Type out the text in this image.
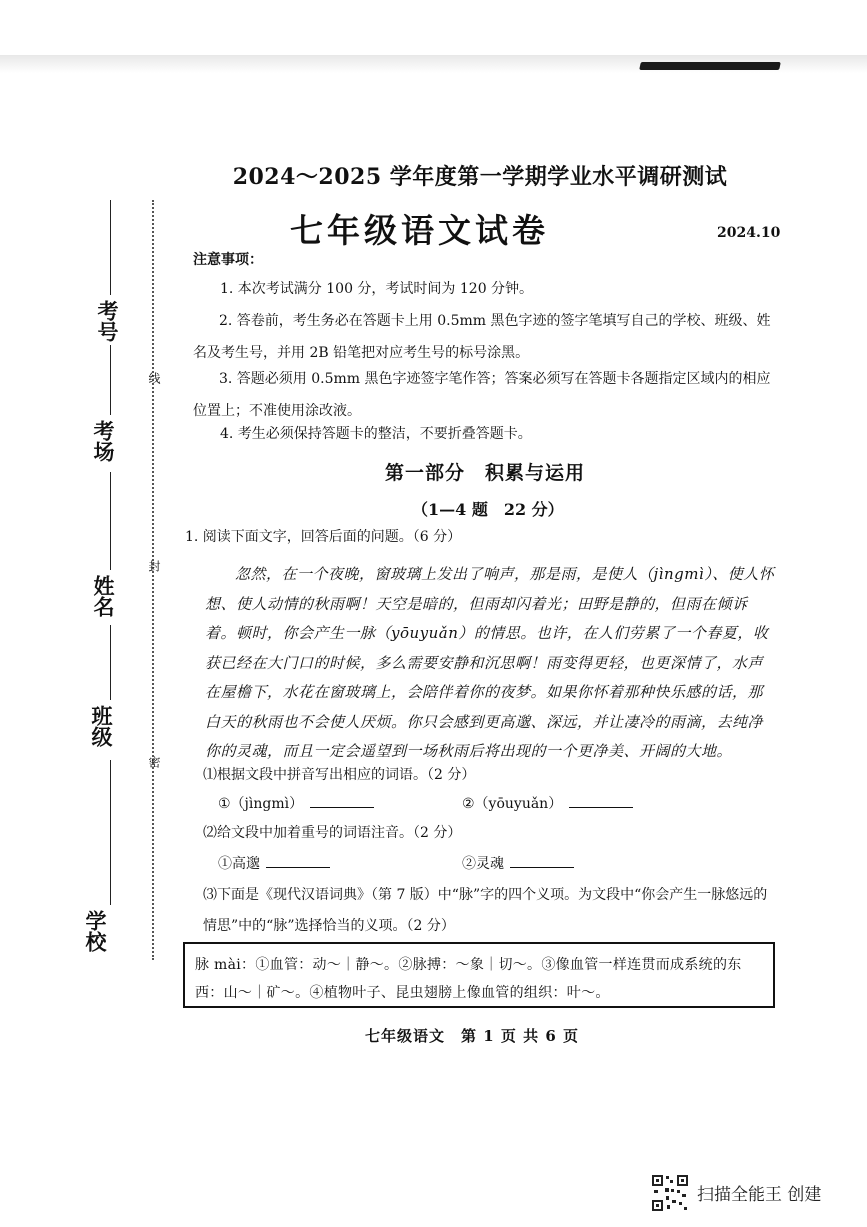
2024～2025 学年度第一学期学业水平调研测试
七年级语文试卷	2024.10
注意事项：
1. 本次考试满分 100 分，考试时间为 120 分钟。
2. 答卷前，考生务必在答题卡上用 0.5mm 黑色字迹的签字笔填写自己的学校、班级、姓名及考生号，并用 2B 铅笔把对应考生号的标号涂黑。
3. 答题必须用 0.5mm 黑色字迹签字笔作答；答案必须写在答题卡各题指定区域内的相应位置上；不准使用涂改液。
4. 考生必须保持答题卡的整洁，不要折叠答题卡。
第一部分　积累与运用
（1—4 题　22 分）
1. 阅读下面文字，回答后面的问题。（6 分）
忽然，在一个夜晚，窗玻璃上发出了响声，那是雨，是使人（jìngmì）、使人怀想、使人动情的秋雨啊！天空是暗的，但雨却闪着光；田野是静的，但雨在倾诉着。顿时，你会产生一脉（yōuyuǎn）的情思。也许，在人们劳累了一个春夏，收获已经在大门口的时候，多么需要安静和沉思啊！雨变得更轻，也更深情了，水声在屋檐下，水花在窗玻璃上，会陪伴着你的夜梦。如果你怀着那种快乐感的话，那白天的秋雨也不会使人厌烦。你只会感到更高邈、深远，并让凄冷的雨滴，去纯净你的灵魂，而且一定会遥望到一场秋雨后将出现的一个更净美、开阔的大地。
⑴根据文段中拼音写出相应的词语。（2 分）
①（jìngmì）	②（yōuyuǎn）
⑵给文段中加着重号的词语注音。（2 分）
①高邈	②灵魂
⑶下面是《现代汉语词典》（第 7 版）中“脉”字的四个义项。为文段中“你会产生一脉悠远的情思”中的“脉”选择恰当的义项。（2 分）
脉 mài：①血管：动～｜静～。②脉搏：～象｜切～。③像血管一样连贯而成系统的东西：山～｜矿～。④植物叶子、昆虫翅膀上像血管的组织：叶～。
七年级语文　第 1 页 共 6 页
考号
考场
姓名
班级
学校
线
封
密
扫描全能王 创建
